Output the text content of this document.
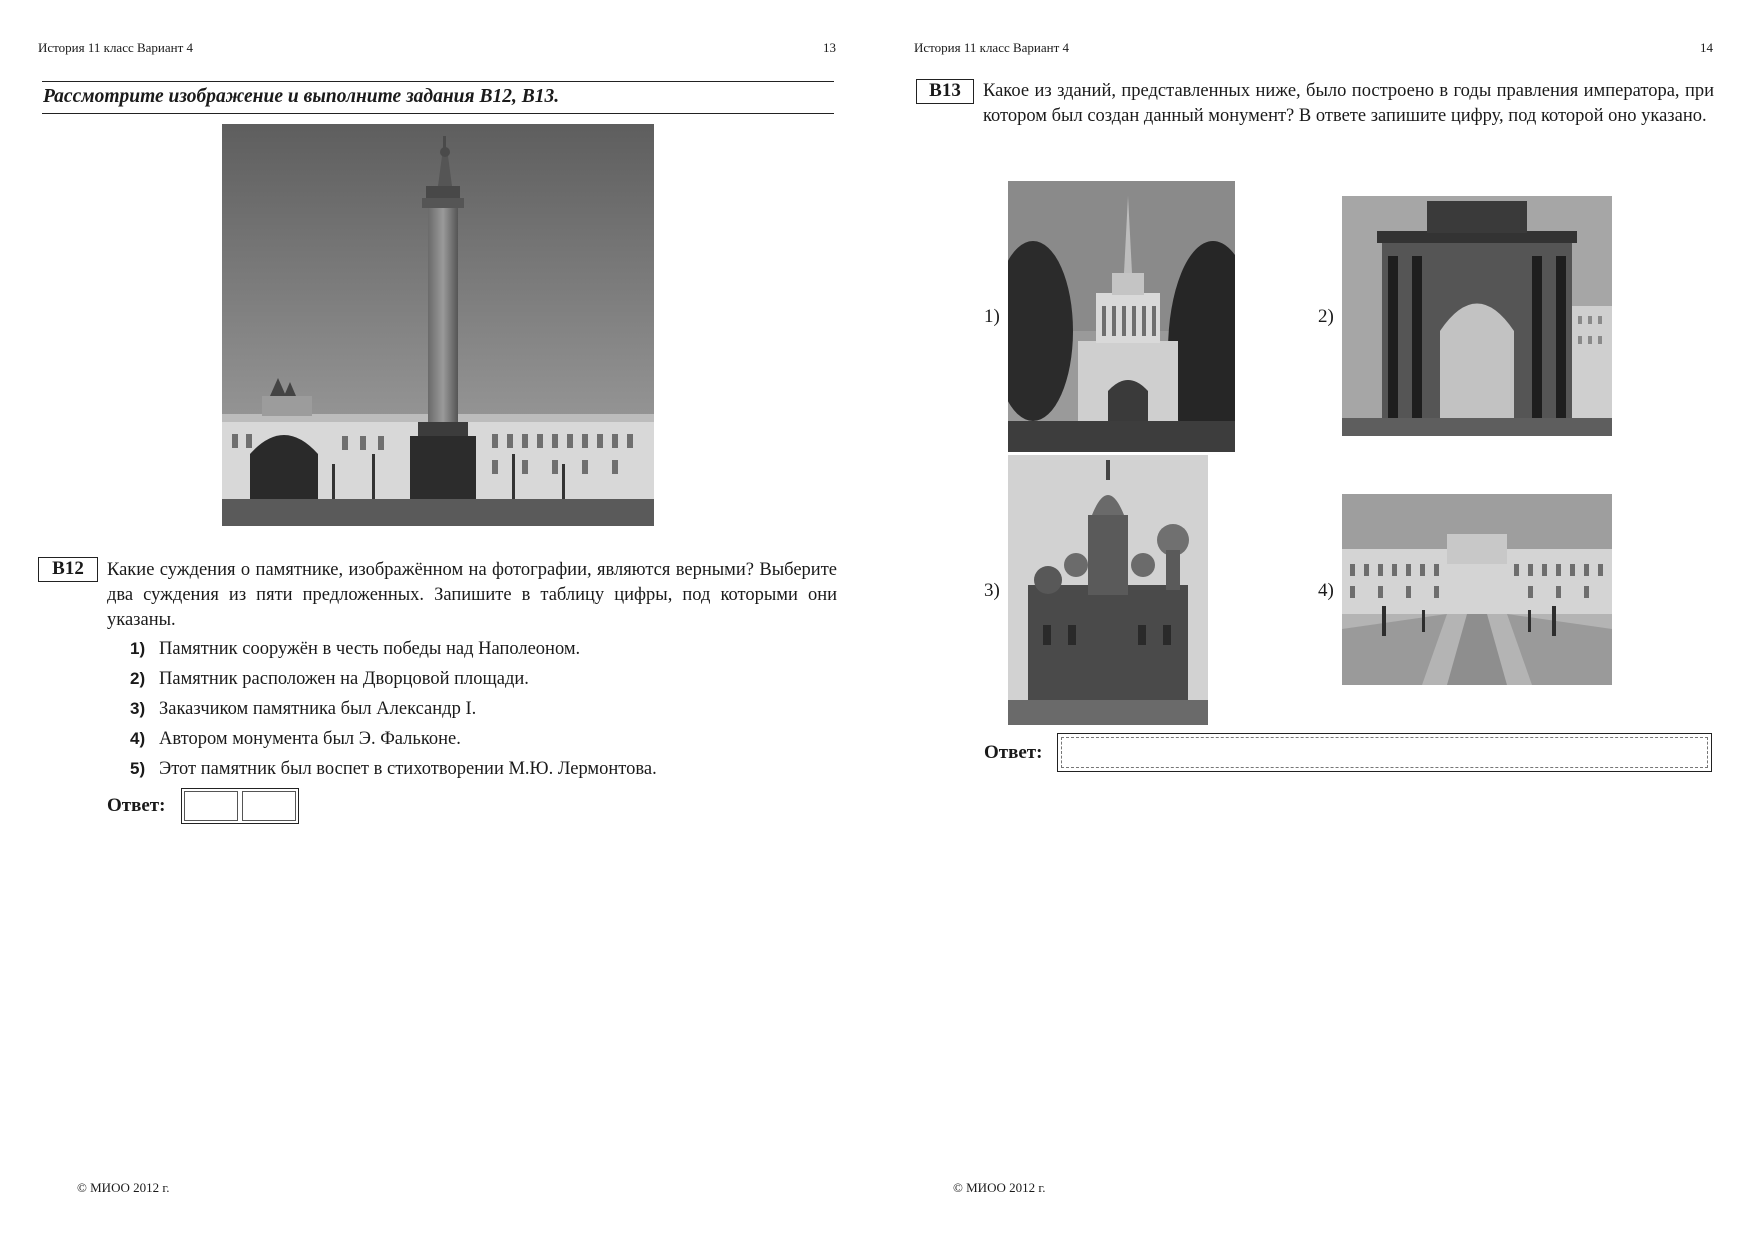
История 11 класс Вариант 4	13
Рассмотрите изображение и выполните задания В12, В13.
B12	Какие суждения о памятнике, изображённом на фотографии, являются верными? Выберите два суждения из пяти предложенных. Запишите в таблицу цифры, под которыми они указаны.
1) Памятник сооружён в честь победы над Наполеоном.
2) Памятник расположен на Дворцовой площади.
3) Заказчиком памятника был Александр I.
4) Автором монумента был Э. Фальконе.
5) Этот памятник был воспет в стихотворении М.Ю. Лермонтова.
Ответ:
© МИОО 2012 г.
История 11 класс Вариант 4	14
B13	Какое из зданий, представленных ниже, было построено в годы правления императора, при котором был создан данный монумент? В ответе запишите цифру, под которой оно указано.
1)	2)
3)	4)
Ответ:
© МИОО 2012 г.
